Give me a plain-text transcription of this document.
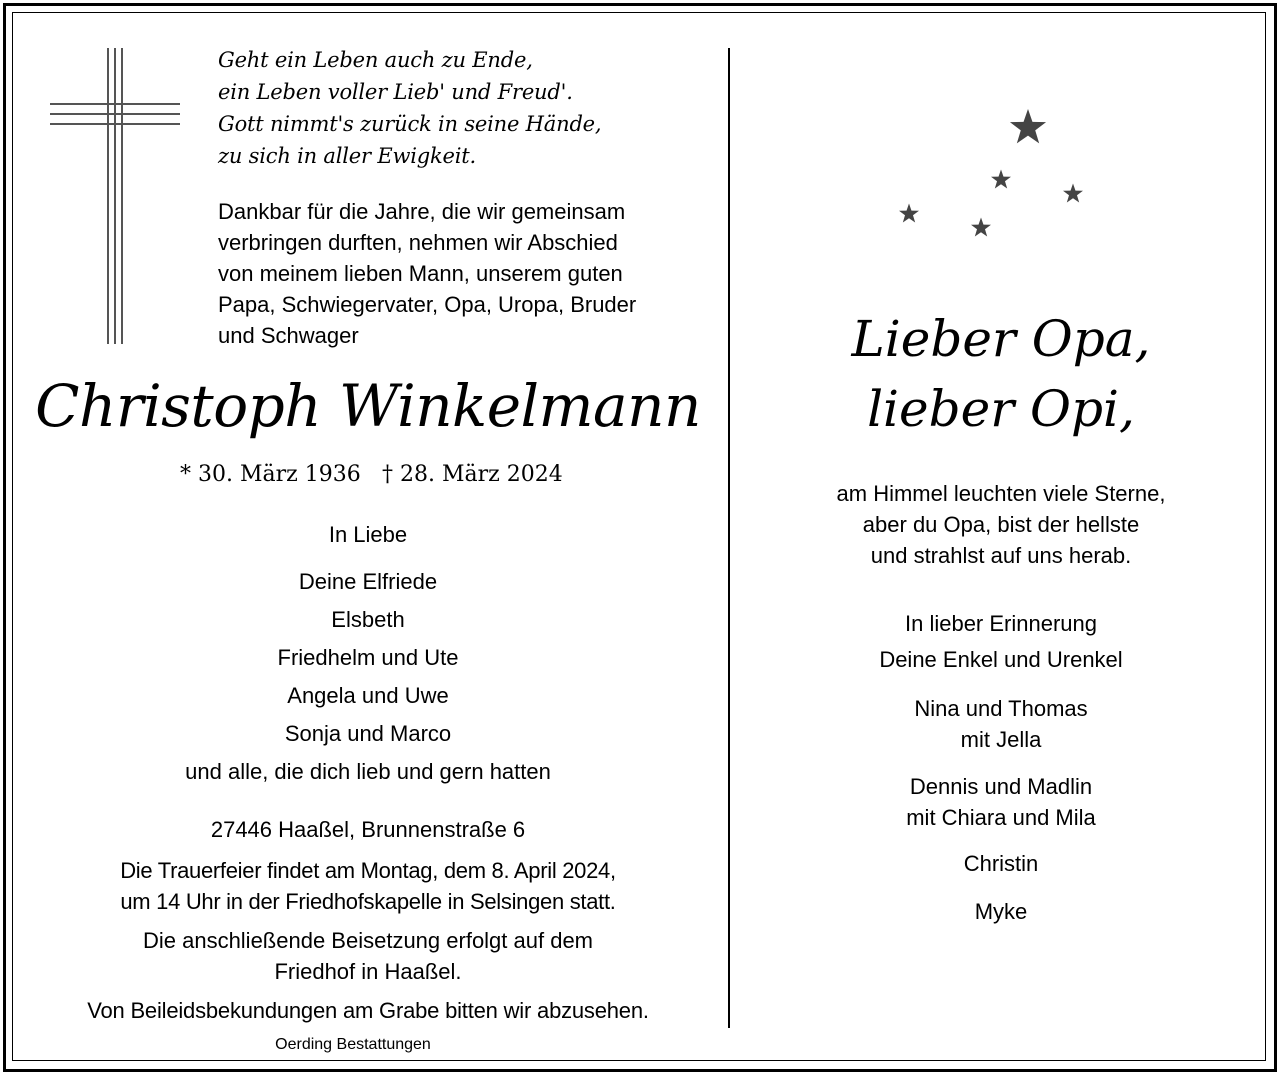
Geht ein Leben auch zu Ende,
ein Leben voller Lieb' und Freud'.
Gott nimmt's zurück in seine Hände,
zu sich in aller Ewigkeit.
Dankbar für die Jahre, die wir gemeinsam
verbringen durften, nehmen wir Abschied
von meinem lieben Mann, unserem guten
Papa, Schwiegervater, Opa, Uropa, Bruder
und Schwager
Christoph Winkelmann
* 30. März 1936 † 28. März 2024
In Liebe
Deine Elfriede
Elsbeth
Friedhelm und Ute
Angela und Uwe
Sonja und Marco
und alle, die dich lieb und gern hatten
27446 Haaßel, Brunnenstraße 6
Die Trauerfeier findet am Montag, dem 8. April 2024,
um 14 Uhr in der Friedhofskapelle in Selsingen statt.
Die anschließende Beisetzung erfolgt auf dem
Friedhof in Haaßel.
Von Beileidsbekundungen am Grabe bitten wir abzusehen.
Oerding Bestattungen
Lieber Opa,
lieber Opi,
am Himmel leuchten viele Sterne,
aber du Opa, bist der hellste
und strahlst auf uns herab.
In lieber Erinnerung
Deine Enkel und Urenkel
Nina und Thomas
mit Jella
Dennis und Madlin
mit Chiara und Mila
Christin
Myke
